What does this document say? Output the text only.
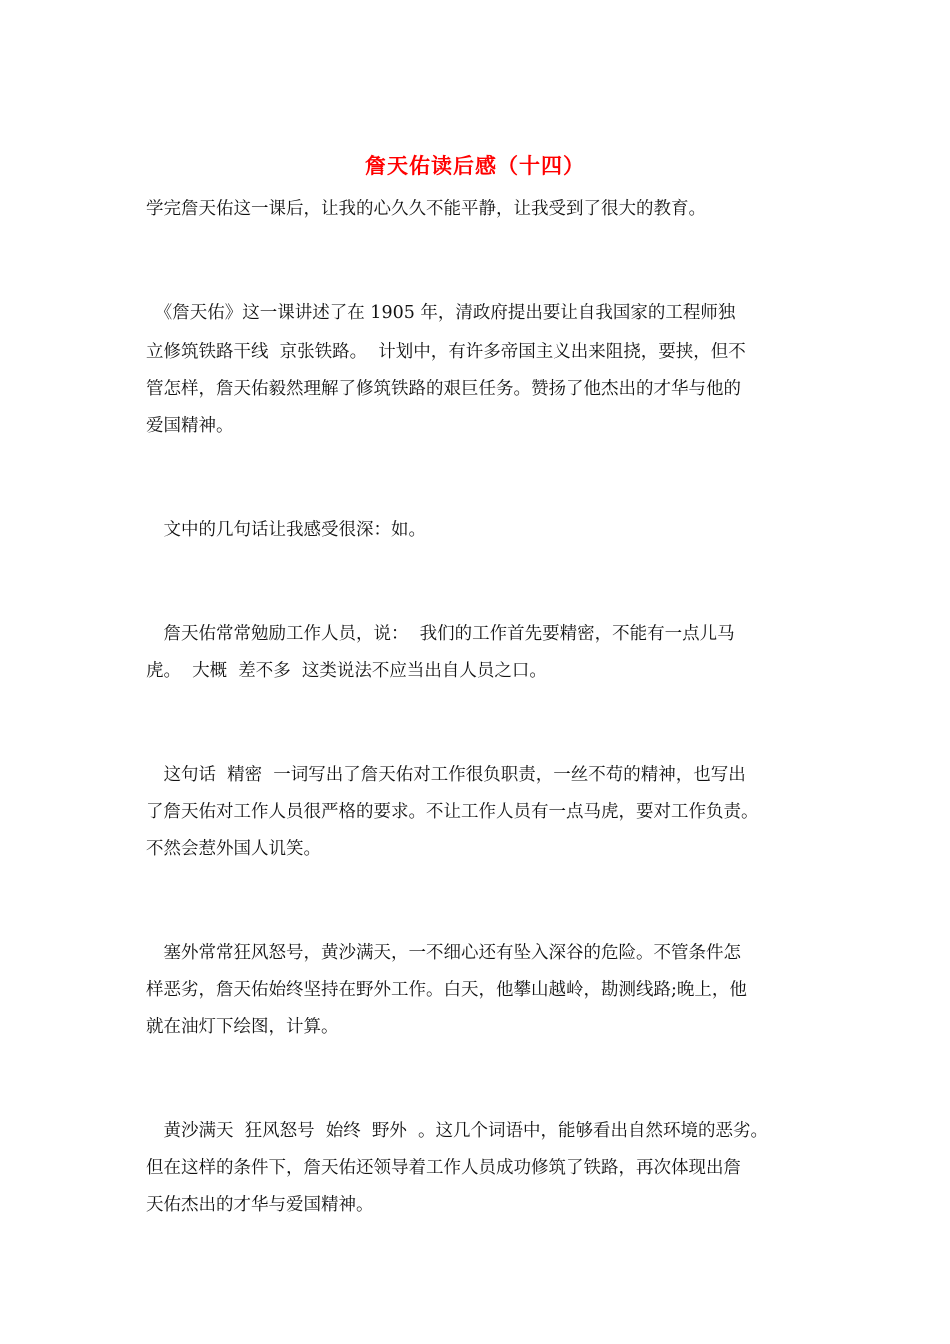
詹天佑读后感（十四）
学完詹天佑这一课后，让我的心久久不能平静，让我受到了很大的教育。
　《詹天佑》这一课讲述了在 1905 年，清政府提出要让自我国家的工程师独
立修筑铁路干线  京张铁路。  计划中，有许多帝国主义出来阻挠，要挟，但不
管怎样，詹天佑毅然理解了修筑铁路的艰巨任务。赞扬了他杰出的才华与他的
爱国精神。
　文中的几句话让我感受很深：如。
　詹天佑常常勉励工作人员，说：  我们的工作首先要精密，不能有一点儿马
虎。  大概  差不多  这类说法不应当出自人员之口。
　这句话  精密  一词写出了詹天佑对工作很负职责，一丝不苟的精神，也写出
了詹天佑对工作人员很严格的要求。不让工作人员有一点马虎，要对工作负责。
不然会惹外国人讥笑。
　塞外常常狂风怒号，黄沙满天，一不细心还有坠入深谷的危险。不管条件怎
样恶劣，詹天佑始终坚持在野外工作。白天，他攀山越岭，勘测线路;晚上，他
就在油灯下绘图，计算。
　黄沙满天  狂风怒号  始终  野外  。这几个词语中，能够看出自然环境的恶劣。
但在这样的条件下，詹天佑还领导着工作人员成功修筑了铁路，再次体现出詹
天佑杰出的才华与爱国精神。
